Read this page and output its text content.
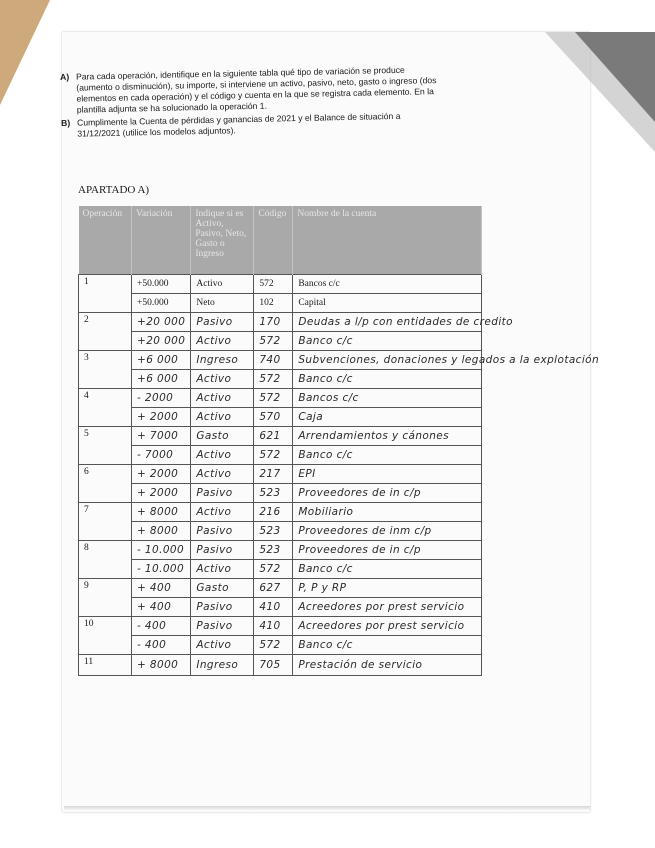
A) Para cada operación, identifique en la siguiente tabla qué tipo de variación se produce (aumento o disminución), su importe, si interviene un activo, pasivo, neto, gasto o ingreso (dos elementos en cada operación) y el código y cuenta en la que se registra cada elemento. En la plantilla adjunta se ha solucionado la operación 1.
B) Cumplimente la Cuenta de pérdidas y ganancias de 2021 y el Balance de situación a 31/12/2021 (utilice los modelos adjuntos).
APARTADO A)
Operación	Variación	Indique si es Activo, Pasivo, Neto, Gasto o Ingreso	Código	Nombre de la cuenta
1	+50.000	Activo	572	Bancos c/c
	+50.000	Neto	102	Capital
2	+20 000	Pasivo	170	Deudas a l/p con entidades de credito
	+20 000	Activo	572	Banco c/c
3	+6 000	Ingreso	740	Subvenciones, donaciones y legados a la explotación
	+6 000	Activo	572	Banco c/c
4	- 2000	Activo	572	Bancos c/c
	+ 2000	Activo	570	Caja
5	+ 7000	Gasto	621	Arrendamientos y cánones
	- 7000	Activo	572	Banco c/c
6	+ 2000	Activo	217	EPI
	+ 2000	Pasivo	523	Proveedores de in c/p
7	+ 8000	Activo	216	Mobiliario
	+ 8000	Pasivo	523	Proveedores de inm c/p
8	- 10.000	Pasivo	523	Proveedores de in c/p
	- 10.000	Activo	572	Banco c/c
9	+ 400	Gasto	627	P, P y RP
	+ 400	Pasivo	410	Acreedores por prest servicio
10	- 400	Pasivo	410	Acreedores por prest servicio
	- 400	Activo	572	Banco c/c
11	+ 8000	Ingreso	705	Prestación de servicio
